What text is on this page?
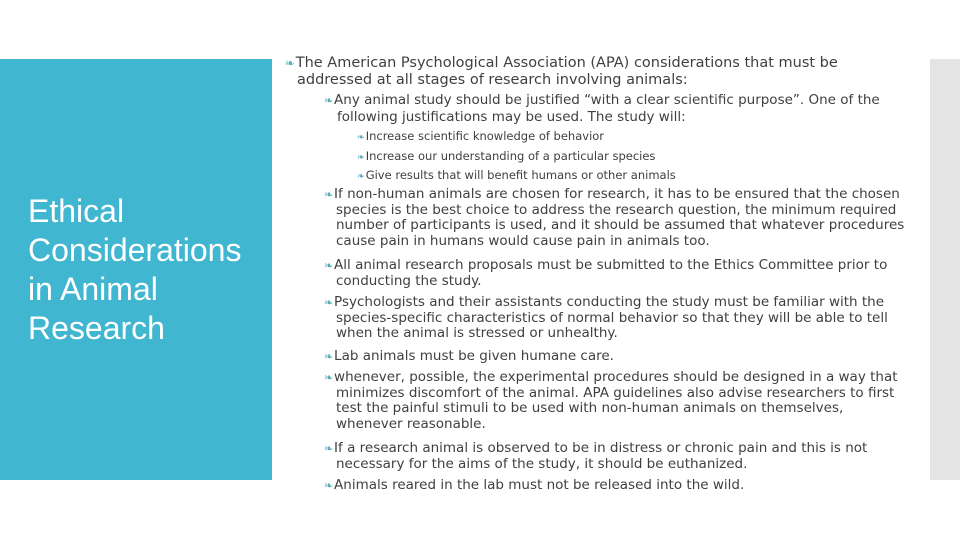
Ethical
Considerations
in Animal
Research
❧The American Psychological Association (APA) considerations that must be
addressed at all stages of research involving animals:
❧Any animal study should be justified “with a clear scientific purpose”. One of the
following justifications may be used. The study will:
❧Increase scientific knowledge of behavior
❧Increase our understanding of a particular species
❧Give results that will benefit humans or other animals
❧If non-human animals are chosen for research, it has to be ensured that the chosen
species is the best choice to address the research question, the minimum required
number of participants is used, and it should be assumed that whatever procedures
cause pain in humans would cause pain in animals too.
❧All animal research proposals must be submitted to the Ethics Committee prior to
conducting the study.
❧Psychologists and their assistants conducting the study must be familiar with the
species-specific characteristics of normal behavior so that they will be able to tell
when the animal is stressed or unhealthy.
❧Lab animals must be given humane care.
❧whenever, possible, the experimental procedures should be designed in a way that
minimizes discomfort of the animal. APA guidelines also advise researchers to first
test the painful stimuli to be used with non-human animals on themselves,
whenever reasonable.
❧If a research animal is observed to be in distress or chronic pain and this is not
necessary for the aims of the study, it should be euthanized.
❧Animals reared in the lab must not be released into the wild.
